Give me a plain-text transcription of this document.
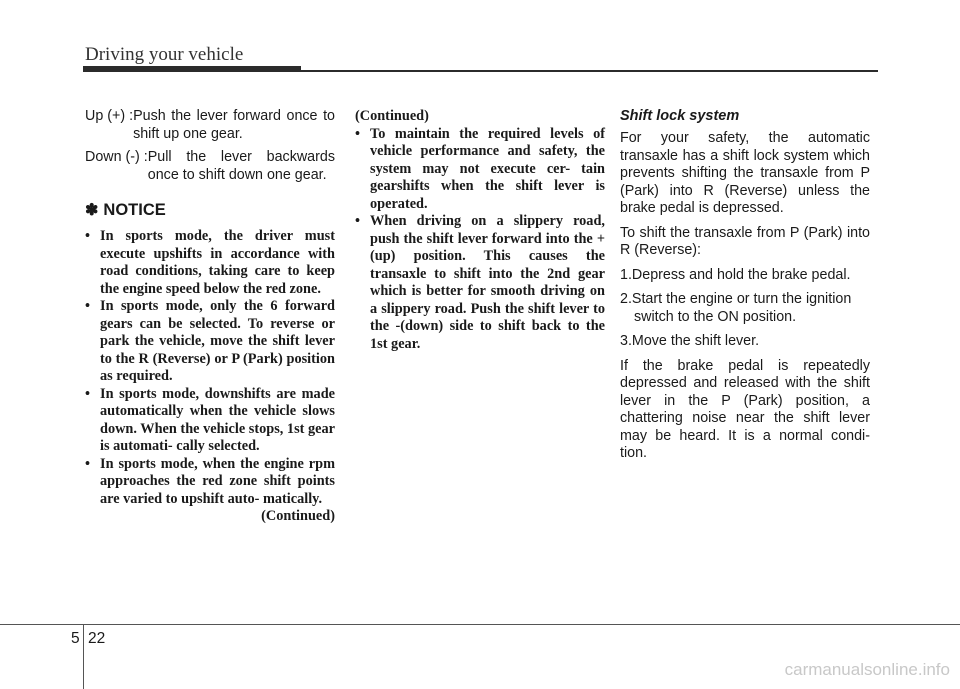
Driving your vehicle
Up (+) : Push the lever forward once to shift up one gear.
Down (-) : Pull the lever backwards once to shift down one gear.
✽ NOTICE
• In sports mode, the driver must execute upshifts in accordance with road conditions, taking care to keep the engine speed below the red zone.
• In sports mode, only the 6 forward gears can be selected. To reverse or park the vehicle, move the shift lever to the R (Reverse) or P (Park) position as required.
• In sports mode, downshifts are made automatically when the vehicle slows down. When the vehicle stops, 1st gear is automati- cally selected.
• In sports mode, when the engine rpm approaches the red zone shift points are varied to upshift auto- matically.
(Continued)
(Continued)
• To maintain the required levels of vehicle performance and safety, the system may not execute cer- tain gearshifts when the shift lever is operated.
• When driving on a slippery road, push the shift lever forward into the +(up) position. This causes the transaxle to shift into the 2nd gear which is better for smooth driving on a slippery road. Push the shift lever to the -(down) side to shift back to the 1st gear.
Shift lock system

For your safety, the automatic transaxle has a shift lock system which prevents shifting the transaxle from P (Park) into R (Reverse) unless the brake pedal is depressed.

To shift the transaxle from P (Park) into R (Reverse):

1.Depress and hold the brake pedal.
2.Start the engine or turn the ignition switch to the ON position.
3.Move the shift lever.

If the brake pedal is repeatedly depressed and released with the shift lever in the P (Park) position, a chattering noise near the shift lever may be heard. It is a normal condi- tion.

5 22
carmanualsonline.info
